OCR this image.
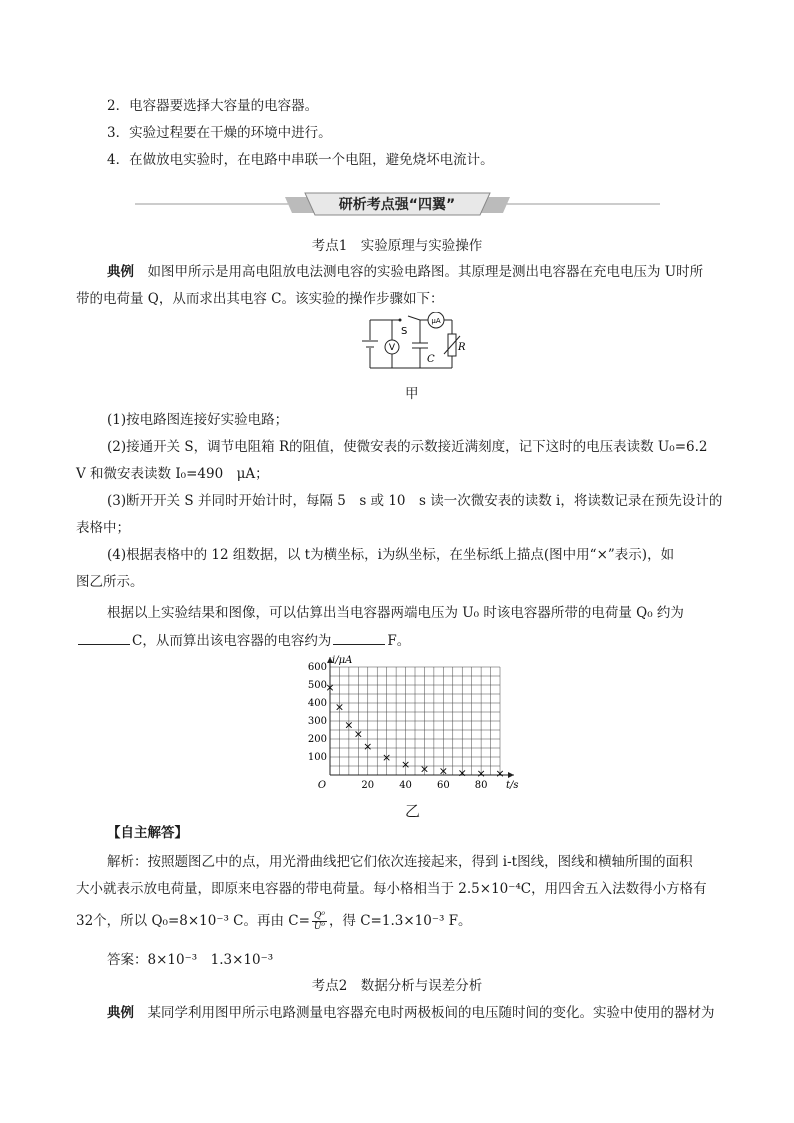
2．电容器要选择大容量的电容器。
3．实验过程要在干燥的环境中进行。
4．在做放电实验时，在电路中串联一个电阻，避免烧坏电流计。
研析考点强“四翼”
考点1　实验原理与实验操作
典例　 如图甲所示是用高电阻放电法测电容的实验电路图。其原理是测出电容器在充电电压为 U时所
带的电荷量 Q，从而求出其电容 C。该实验的操作步骤如下：
S
μA
V
C
R
甲
(1)按电路图连接好实验电路；
(2)接通开关 S，调节电阻箱 R的阻值，使微安表的示数接近满刻度，记下这时的电压表读数 U₀=6.2
V 和微安表读数 I₀=490　μA；
(3)断开开关 S 并同时开始计时，每隔 5　s 或 10　s 读一次微安表的读数 i，将读数记录在预先设计的
表格中；
(4)根据表格中的 12 组数据，以 t为横坐标，i为纵坐标，在坐标纸上描点(图中用“×”表示)，如
图乙所示。
根据以上实验结果和图像，可以估算出当电容器两端电压为 U₀ 时该电容器所带的电荷量 Q₀ 约为
C，从而算出该电容器的电容约为	F。
100
200
300
400
500
600
20	40	60	80
O
i/μA
t/s
×
×
×
×
×
×
× × × × × ×
乙
【自主解答】
解析：按照题图乙中的点，用光滑曲线把它们依次连接起来，得到 i-t图线，图线和横轴所围的面积
大小就表示放电荷量，即原来电容器的带电荷量。每小格相当于 2.5×10⁻⁴C，用四舍五入法数得小方格有
32个，所以 Q₀=8×10⁻³ C。再由 $C= \frac{\text{Q⁰}}{\text{U⁰}}$ ，得 C=1.3×10⁻³ F。
答案：8×10⁻³　1.3×10⁻³
考点2　数据分析与误差分析
典例　 某同学利用图甲所示电路测量电容器充电时两极板间的电压随时间的变化。实验中使用的器材为
